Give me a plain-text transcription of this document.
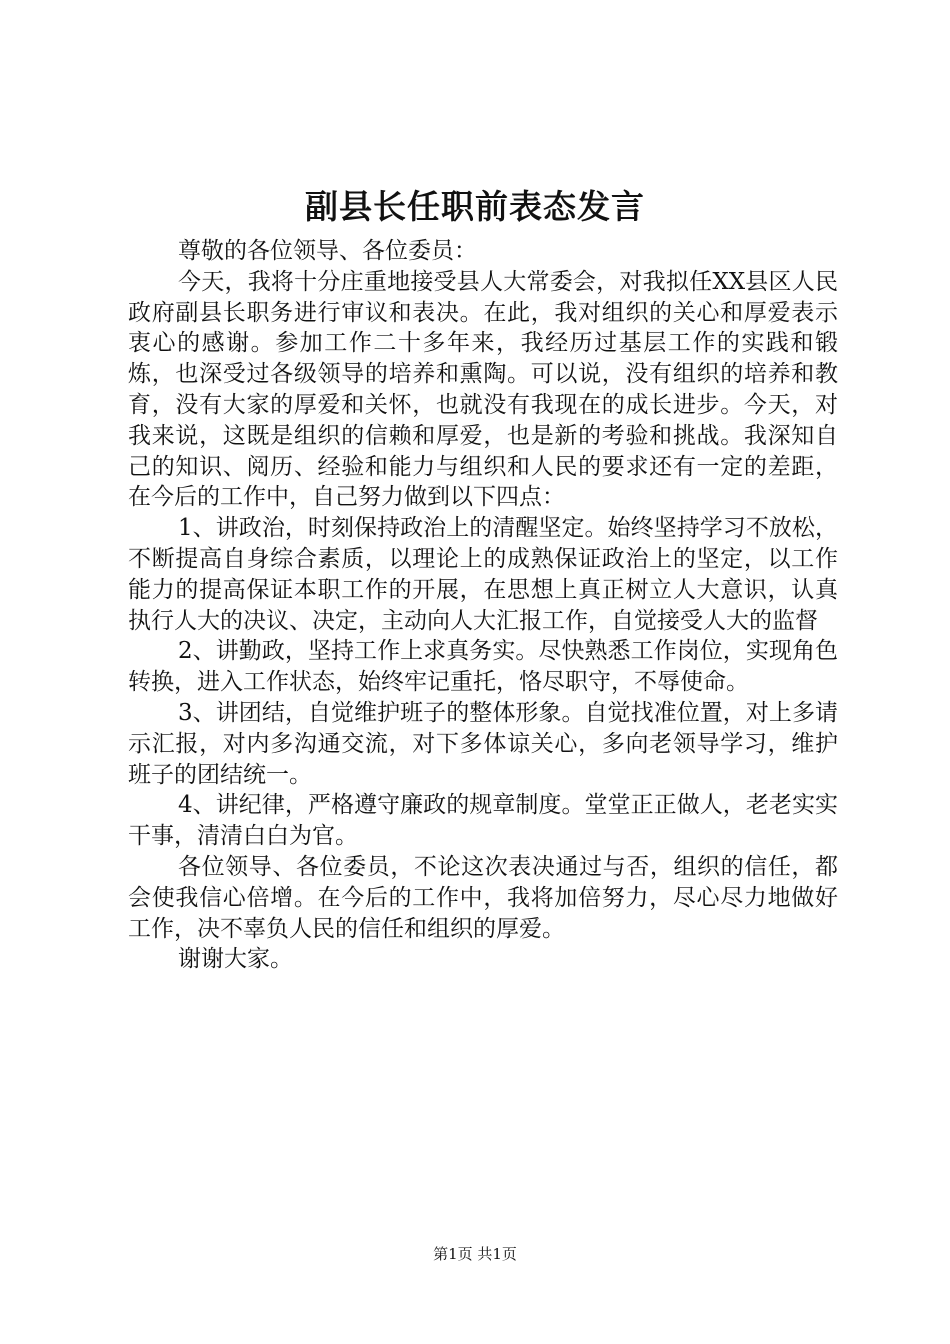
副县长任职前表态发言

尊敬的各位领导、各位委员：

今天，我将十分庄重地接受县人大常委会，对我拟任XX县区人民政府副县长职务进行审议和表决。在此，我对组织的关心和厚爱表示衷心的感谢。参加工作二十多年来，我经历过基层工作的实践和锻炼，也深受过各级领导的培养和熏陶。可以说，没有组织的培养和教育，没有大家的厚爱和关怀，也就没有我现在的成长进步。今天，对我来说，这既是组织的信赖和厚爱，也是新的考验和挑战。我深知自己的知识、阅历、经验和能力与组织和人民的要求还有一定的差距，在今后的工作中，自己努力做到以下四点：

1、讲政治，时刻保持政治上的清醒坚定。始终坚持学习不放松，不断提高自身综合素质，以理论上的成熟保证政治上的坚定，以工作能力的提高保证本职工作的开展，在思想上真正树立人大意识，认真执行人大的决议、决定，主动向人大汇报工作，自觉接受人大的监督

2、讲勤政，坚持工作上求真务实。尽快熟悉工作岗位，实现角色转换，进入工作状态，始终牢记重托，恪尽职守，不辱使命。

3、讲团结，自觉维护班子的整体形象。自觉找准位置，对上多请示汇报，对内多沟通交流，对下多体谅关心，多向老领导学习，维护班子的团结统一。

4、讲纪律，严格遵守廉政的规章制度。堂堂正正做人，老老实实干事，清清白白为官。

各位领导、各位委员，不论这次表决通过与否，组织的信任，都会使我信心倍增。在今后的工作中，我将加倍努力，尽心尽力地做好工作，决不辜负人民的信任和组织的厚爱。

谢谢大家。

第1页 共1页
